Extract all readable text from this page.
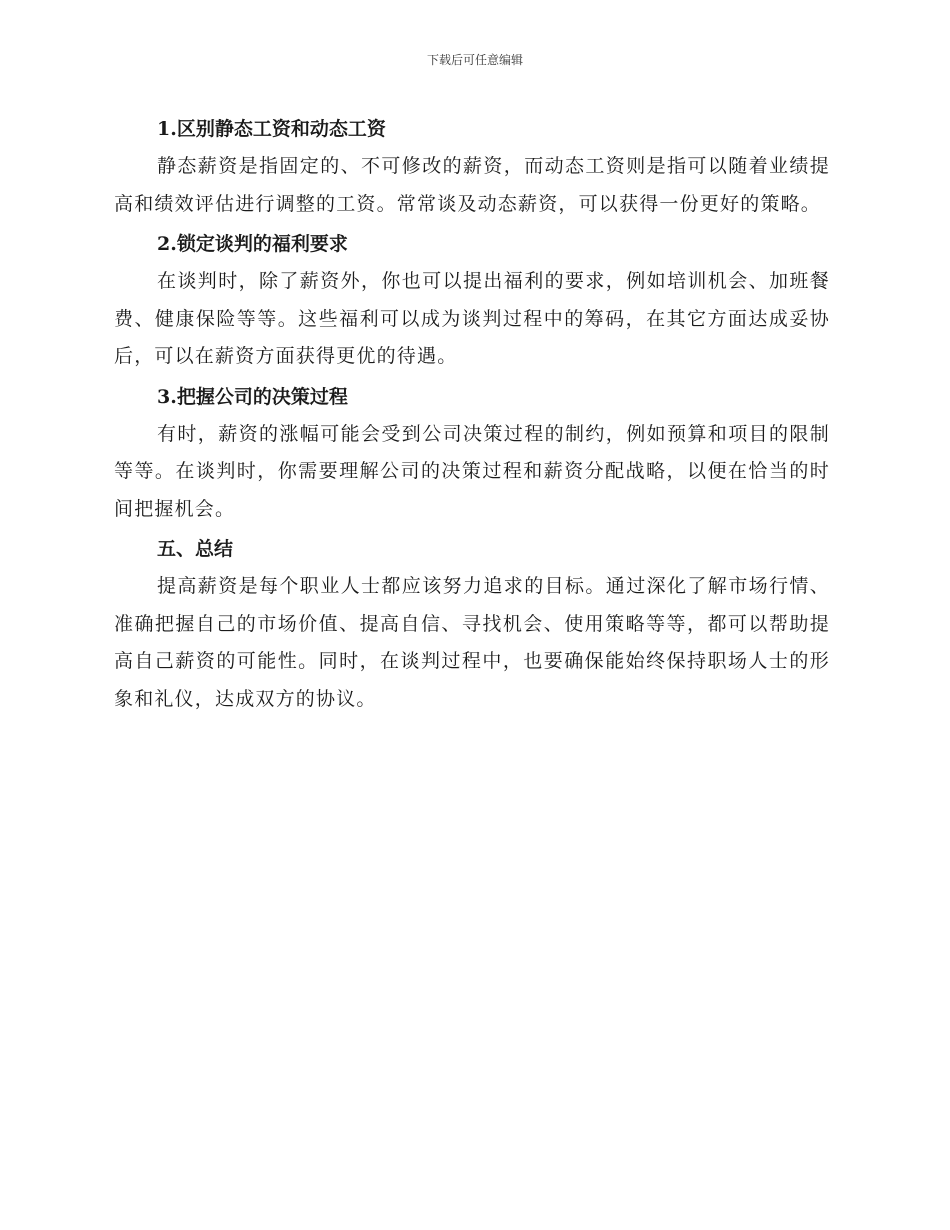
下载后可任意编辑
1.区别静态工资和动态工资

静态薪资是指固定的、不可修改的薪资，而动态工资则是指可以随着业绩提高和绩效评估进行调整的工资。常常谈及动态薪资，可以获得一份更好的策略。

2.锁定谈判的福利要求

在谈判时，除了薪资外，你也可以提出福利的要求，例如培训机会、加班餐费、健康保险等等。这些福利可以成为谈判过程中的筹码，在其它方面达成妥协后，可以在薪资方面获得更优的待遇。

3.把握公司的决策过程

有时，薪资的涨幅可能会受到公司决策过程的制约，例如预算和项目的限制等等。在谈判时，你需要理解公司的决策过程和薪资分配战略，以便在恰当的时间把握机会。

五、总结

提高薪资是每个职业人士都应该努力追求的目标。通过深化了解市场行情、准确把握自己的市场价值、提高自信、寻找机会、使用策略等等，都可以帮助提高自己薪资的可能性。同时，在谈判过程中，也要确保能始终保持职场人士的形象和礼仪，达成双方的协议。
